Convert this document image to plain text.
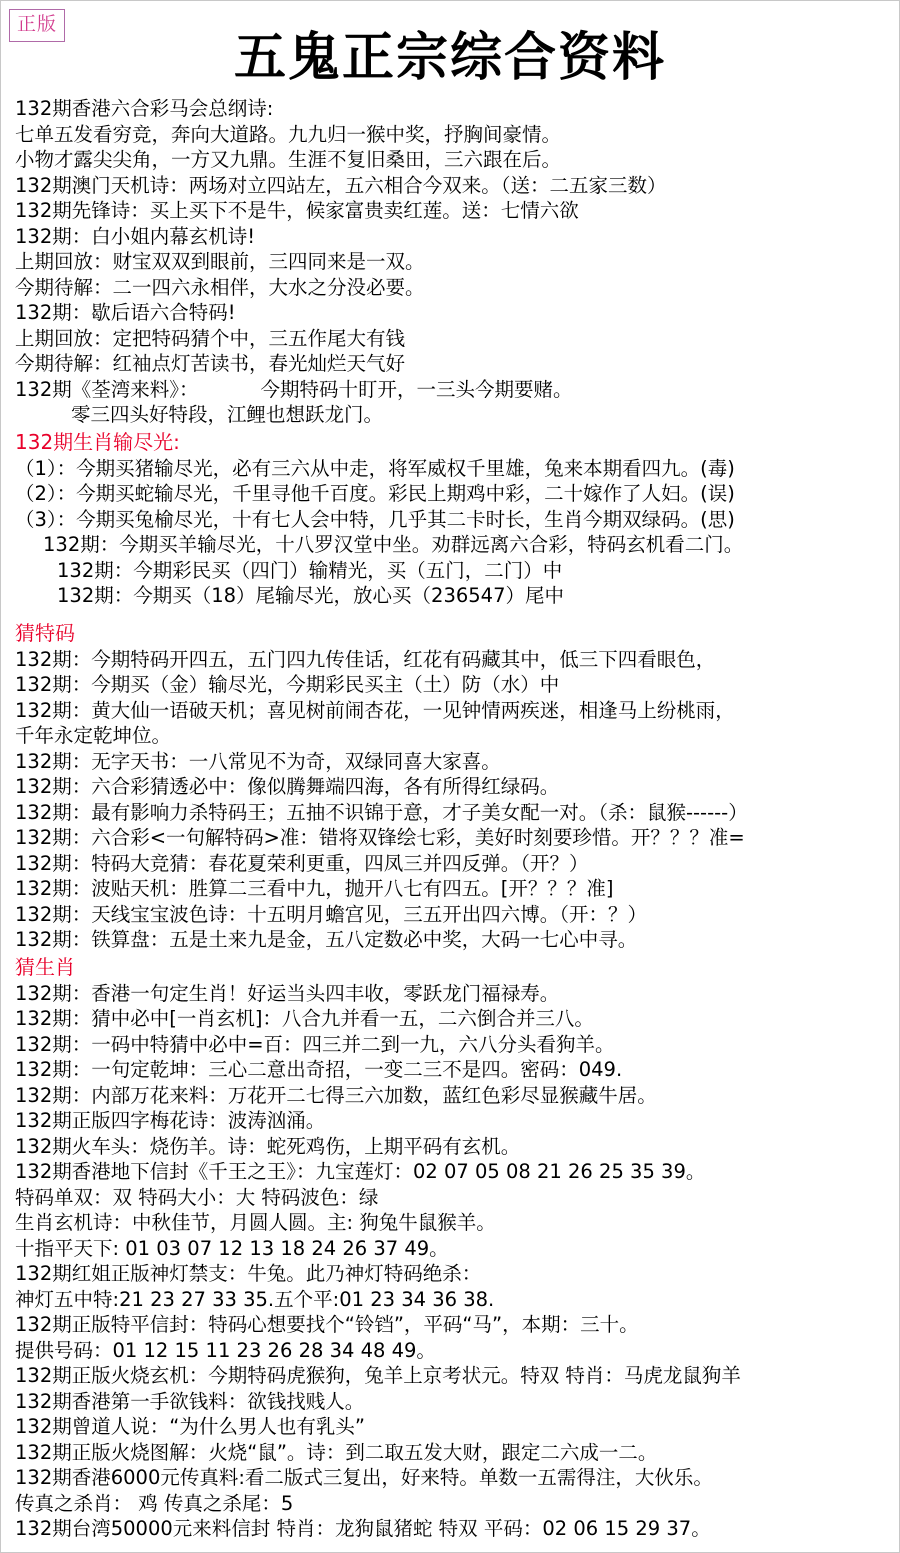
正版
五鬼正宗综合资料
132期香港六合彩马会总纲诗:
七单五发看穷竞，奔向大道路。九九归一猴中奖，抒胸间豪情。
小物才露尖尖角，一方又九鼎。生涯不复旧桑田，三六跟在后。
132期澳门天机诗：两场对立四站左，五六相合今双来。（送：二五家三数）
132期先锋诗：买上买下不是牛，候家富贵卖红莲。送：七情六欲
132期：白小姐内幕玄机诗!
上期回放：财宝双双到眼前，三四同来是一双。
今期待解：二一四六永相伴，大水之分没必要。
132期：歇后语六合特码!
上期回放：定把特码猜个中，三五作尾大有钱
今期待解：红袖点灯苦读书，春光灿烂天气好
132期《荃湾来料》：          今期特码十盯开，一三头今期要赌。
零三四头好特段，江鲤也想跃龙门。
132期生肖输尽光:
（1）：今期买猪输尽光，必有三六从中走，将军威权千里雄，兔来本期看四九。(毒)
（2）：今期买蛇输尽光，千里寻他千百度。彩民上期鸡中彩，二十嫁作了人妇。(误)
（3）：今期买兔榆尽光，十有七人会中特，几乎其二卡时长，生肖今期双绿码。(思)
132期：今期买羊输尽光，十八罗汉堂中坐。劝群远离六合彩，特码玄机看二门。
132期：今期彩民买（四门）输精光，买（五门，二门）中
132期：今期买（18）尾输尽光，放心买（236547）尾中
猜特码
132期：今期特码开四五，五门四九传佳话，红花有码藏其中，低三下四看眼色，
132期：今期买（金）输尽光，今期彩民买主（土）防（水）中
132期：黄大仙一语破天机；喜见树前闹杏花，一见钟情两疾迷，相逢马上纷桃雨，
千年永定乾坤位。
132期：无字天书：一八常见不为奇，双绿同喜大家喜。
132期：六合彩猜透必中：像似腾舞端四海，各有所得红绿码。
132期：最有影响力杀特码王；五抽不识锦于意，才子美女配一对。（杀：鼠猴------）
132期：六合彩<一句解特码>准：错将双锋绘七彩，美好时刻要珍惜。开？？？准=
132期：特码大竞猜：春花夏荣利更重，四凤三并四反弹。（开？）
132期：波贴天机：胜算二三看中九，抛开八七有四五。[开？？？准]
132期：天线宝宝波色诗：十五明月蟾宫见，三五开出四六博。（开：？）
132期：铁算盘：五是土来九是金，五八定数必中奖，大码一七心中寻。
猜生肖
132期：香港一句定生肖！好运当头四丰收，零跃龙门福禄寿。
132期：猜中必中[一肖玄机]：八合九并看一五，二六倒合并三八。
132期：一码中特猜中必中=百：四三并二到一九，六八分头看狗羊。
132期：一句定乾坤：三心二意出奇招，一变二三不是四。密码：049.
132期：内部万花来料：万花开二七得三六加数，蓝红色彩尽显猴藏牛居。
132期正版四字梅花诗：波涛汹涌。
132期火车头：烧伤羊。诗：蛇死鸡伤，上期平码有玄机。
132期香港地下信封《千王之王》：九宝莲灯：02 07 05 08 21 26 25 35 39。
特码单双：双 特码大小：大 特码波色：绿
生肖玄机诗：中秋佳节，月圆人圆。主: 狗兔牛鼠猴羊。
十指平天下: 01 03 07 12 13 18 24 26 37 49。
132期红姐正版神灯禁支：牛兔。此乃神灯特码绝杀：
神灯五中特:21 23 27 33 35.五个平:01 23 34 36 38.
132期正版特平信封：特码心想要找个“铃铛”，平码“马”，本期：三十。
提供号码：01 12 15 11 23 26 28 34 48 49。
132期正版火烧玄机：今期特码虎猴狗，兔羊上京考状元。特双 特肖：马虎龙鼠狗羊
132期香港第一手欲钱料：欲钱找贱人。
132期曾道人说：“为什么男人也有乳头”
132期正版火烧图解：火烧“鼠”。诗：到二取五发大财，跟定二六成一二。
132期香港6000元传真料:看二版式三复出，好来特。单数一五需得注，大伙乐。
传真之杀肖： 鸡 传真之杀尾：5
132期台湾50000元来料信封 特肖：龙狗鼠猪蛇 特双 平码：02 06 15 29 37。
